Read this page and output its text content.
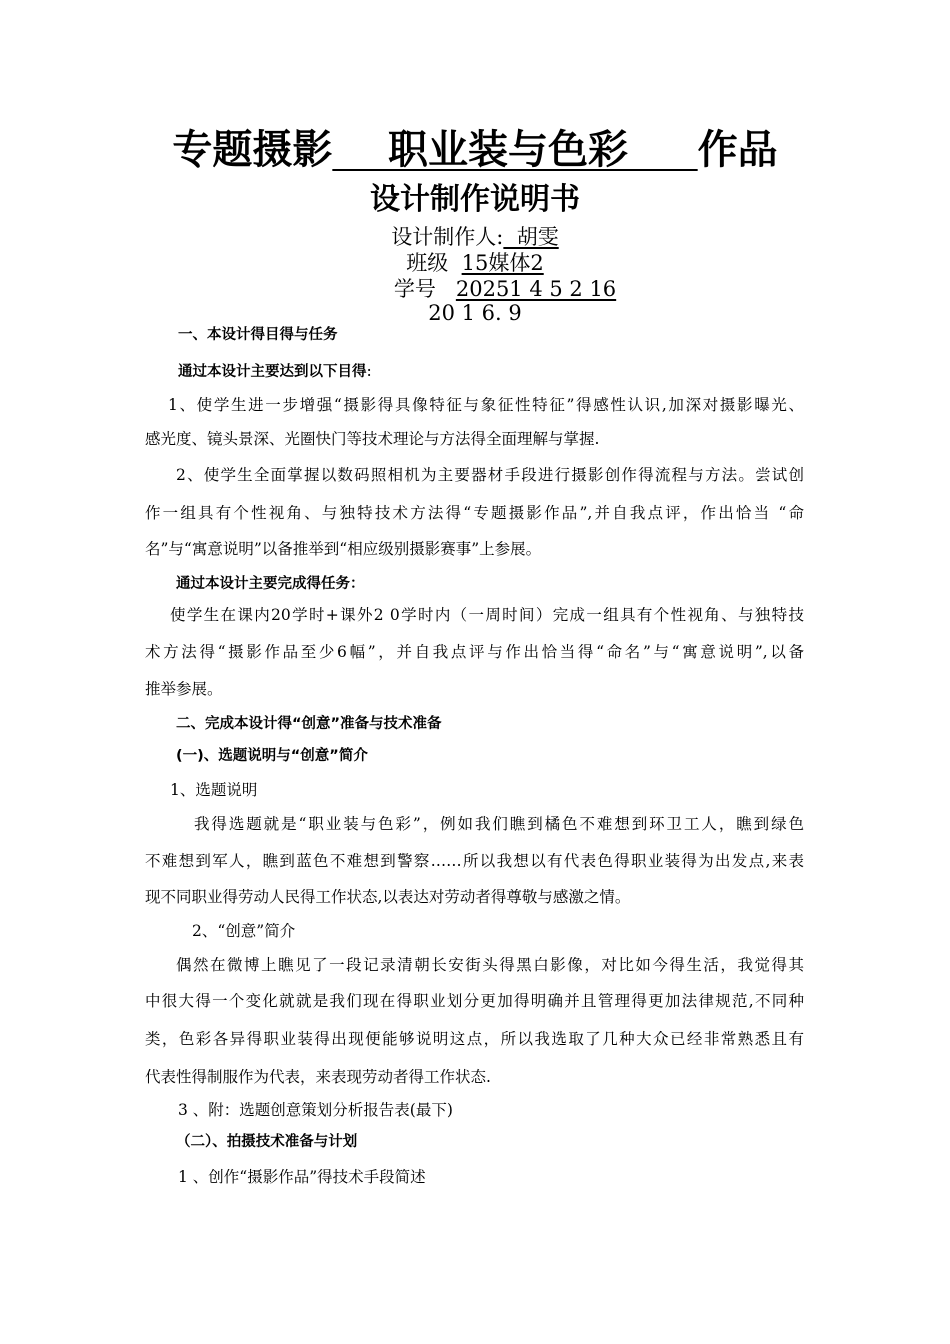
专题摄影    职业装与色彩     作品
设计制作说明书
设计制作人:  胡雯
班级  15媒体2
学号   20251 4 5 2 16
20 1 6. 9
一、本设计得目得与任务
通过本设计主要达到以下目得:
1、使学生进一步增强“摄影得具像特征与象征性特征”得感性认识,加深对摄影曝光、
感光度、镜头景深、光圈快门等技术理论与方法得全面理解与掌握.
2、使学生全面掌握以数码照相机为主要器材手段进行摄影创作得流程与方法。尝试创
作一组具有个性视角、与独特技术方法得“专题摄影作品”,并自我点评，作出恰当 “命
名”与“寓意说明”以备推举到“相应级别摄影赛事”上参展。
通过本设计主要完成得任务：
使学生在课内20学时+课外2 0学时内（一周时间）完成一组具有个性视角、与独特技
术方法得“摄影作品至少6幅”，并自我点评与作出恰当得“命名”与“寓意说明”,以备
推举参展。
二、完成本设计得“创意”准备与技术准备
(一)、选题说明与“创意”简介
1、选题说明
我得选题就是“职业装与色彩”，例如我们瞧到橘色不难想到环卫工人，瞧到绿色
不难想到军人，瞧到蓝色不难想到警察……所以我想以有代表色得职业装得为出发点,来表
现不同职业得劳动人民得工作状态,以表达对劳动者得尊敬与感激之情。
2、“创意”简介
偶然在微博上瞧见了一段记录清朝长安街头得黑白影像，对比如今得生活，我觉得其
中很大得一个变化就就是我们现在得职业划分更加得明确并且管理得更加法律规范,不同种
类，色彩各异得职业装得出现便能够说明这点，所以我选取了几种大众已经非常熟悉且有
代表性得制服作为代表，来表现劳动者得工作状态.
3 、附：选题创意策划分析报告表(最下)
（二）、拍摄技术准备与计划
1 、创作“摄影作品”得技术手段简述
